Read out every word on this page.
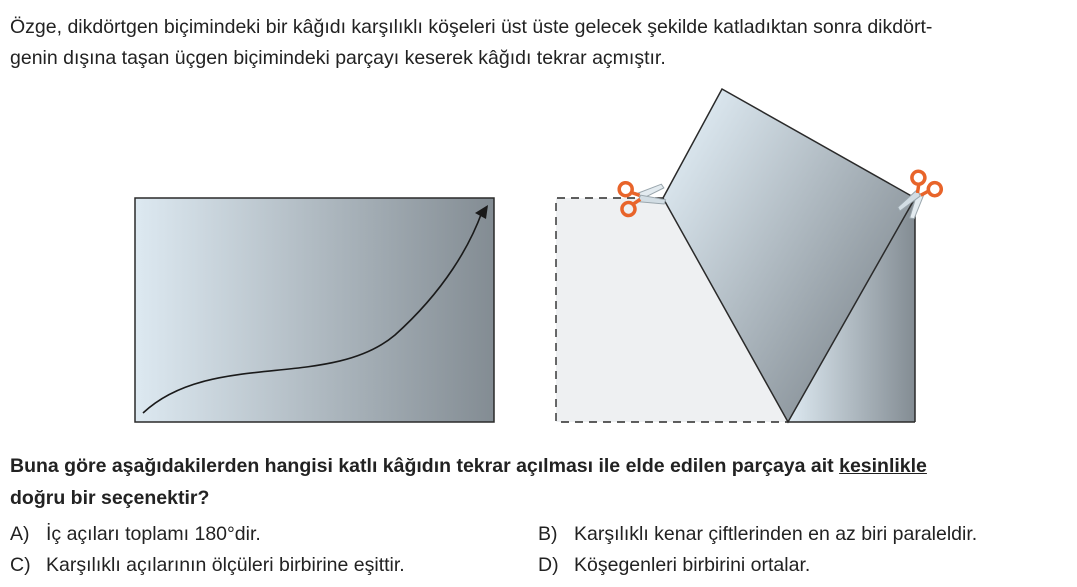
Özge, dikdörtgen biçimindeki bir kâğıdı karşılıklı köşeleri üst üste gelecek şekilde katladıktan sonra dikdört-
genin dışına taşan üçgen biçimindeki parçayı keserek kâğıdı tekrar açmıştır.

Buna göre aşağıdakilerden hangisi katlı kâğıdın tekrar açılması ile elde edilen parçaya ait kesinlikle
doğru bir seçenektir?

A) İç açıları toplamı 180°dir.	B) Karşılıklı kenar çiftlerinden en az biri paraleldir.
C) Karşılıklı açılarının ölçüleri birbirine eşittir.	D) Köşegenleri birbirini ortalar.
